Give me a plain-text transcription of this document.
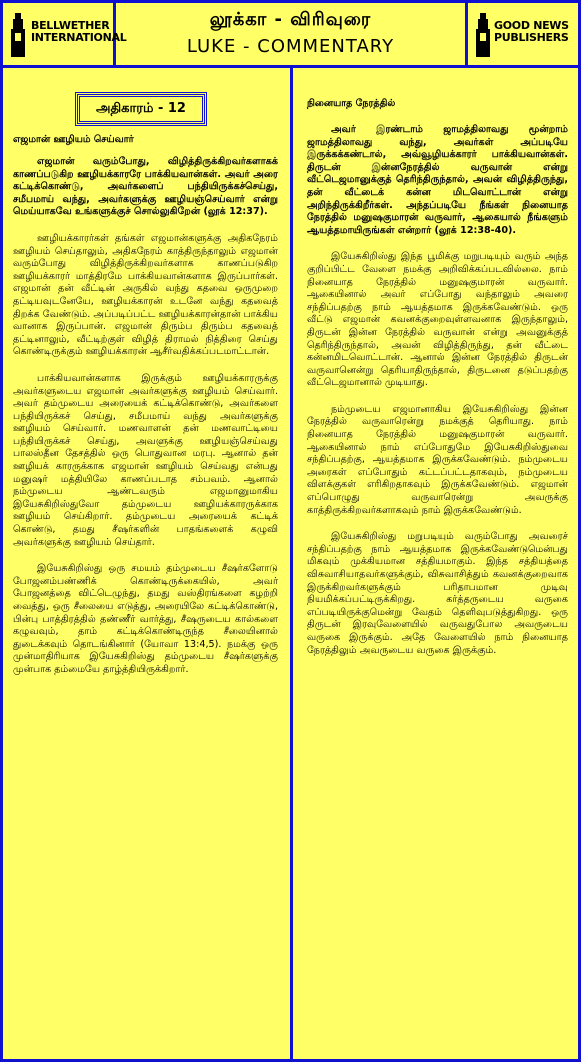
BELLWETHER INTERNATIONAL
லூக்கா - விரிவுரை
LUKE - COMMENTARY
GOOD NEWS PUBLISHERS
அதிகாரம் - 12
எஜமான் ஊழியம் செய்வார்

எஜமான் வரும்போது, விழித்திருக்கிறவர்களாகக் காணப்படுகிற ஊழியக்காரரே பாக்கியவான்கள். அவர் அரை கட்டிக்கொண்டு, அவர்களைப் பந்தியிருக்கச்செய்து, சமீபமாய் வந்து, அவர்களுக்கு ஊழியஞ்செய்வார் என்று மெய்யாகவே உங்களுக்குச் சொல்லுகிறேன் (லூக் 12:37).

ஊழியக்காரர்கள் தங்கள் எஜமான்களுக்கு அதிகநேரம் ஊழியம் செய்தாலும், அதிகநேரம் காத்திருந்தாலும் எஜமான் வரும்போது விழித்திருக்கிறவர்களாக காணப்படுகிற ஊழியக்காரர் மாத்திரமே பாக்கியவான்களாக இருப்பார்கள். எஜமான் தன் வீட்டின் அருகில் வந்து கதவை ஒருமுறை தட்டியவுடனேயே, ஊழியக்காரன் உடனே வந்து கதவைத் திறக்க வேண்டும். அப்படிப்பட்ட ஊழியக்காரன்தான் பாக்கிய வானாக இருப்பான். எஜமான் திரும்ப திரும்ப கதவைத் தட்டினாலும், வீட்டிற்குள் விழித் திராமல் நித்திரை செய்து கொண்டிருக்கும் ஊழியக்காரன் ஆசீர்வதிக்கப்படமாட்டான்.

பாக்கியவான்களாக இருக்கும் ஊழியக்காரருக்கு அவர்களுடைய எஜமான் அவர்களுக்கு ஊழியம் செய்வார். அவர் தம்முடைய அரையைக் கட்டிக்கொண்டு, அவர்களை பந்தியிருக்கச் செய்து, சமீபமாய் வந்து அவர்களுக்கு ஊழியம் செய்வார். மணவாளன் தன் மணவாட்டியை பந்தியிருக்கச் செய்து, அவளுக்கு ஊழியஞ்செய்வது பாலஸ்தீன தேசத்தில் ஒரு பொதுவான மரபு. ஆனால் தன் ஊழியக் காரருக்காக எஜமான் ஊழியம் செய்வது என்பது மனுஷர் மத்தியிலே காணப்படாத சம்பவம். ஆனால் நம்முடைய ஆண்டவரும் எஜமானுமாகிய இயேசுகிறிஸ்துவோ தம்முடைய ஊழியக்காரருக்காக ஊழியம் செய்கிறார். தம்முடைய அரையைக் கட்டிக் கொண்டு, தமது சீஷர்களின் பாதங்களைக் கழுவி அவர்களுக்கு ஊழியம் செய்தார்.

இயேசுகிறிஸ்து ஒரு சமயம் தம்முடைய சீஷர்களோடு போஜனம்பண்ணிக் கொண்டிருக்கையில், அவர் போஜனத்தை விட்டெழுந்து, தமது வஸ்திரங்களை கழற்றி வைத்து, ஒரு சீலையை எடுத்து, அரையிலே கட்டிக்கொண்டு, பின்பு பாத்திரத்தில் தண்ணீர் வார்த்து, சீஷருடைய கால்களை கழுவவும், தாம் கட்டிக்கொண்டிருந்த சீலையினால் துடைக்கவும் தொடங்கினார் (யோவா 13:4,5). நமக்கு ஒரு முன்மாதிரியாக இயேசுகிறிஸ்து தம்முடைய சீஷர்களுக்கு முன்பாக தம்மையே தாழ்த்தியிருக்கிறார்.

நினையாத நேரத்தில்

அவர் இரண்டாம் ஜாமத்திலாவது மூன்றாம் ஜாமத்திலாவது வந்து, அவர்கள் அப்படியே இருக்கக்கண்டால், அவ்வூழியக்காரர் பாக்கியவான்கள். திருடன் இன்னநேரத்தில் வருவான் என்று வீட்டெஜமானுக்குத் தெரிந்திருந்தால், அவன் விழித்திருந்து, தன் வீட்டைக் கன்ன மிடவொட்டான் என்று அறிந்திருக்கிறீர்கள். அந்தப்படியே நீங்கள் நினையாத நேரத்தில் மனுஷகுமாரன் வருவார், ஆகையால் நீங்களும் ஆயத்தமாயிருங்கள் என்றார் (லூக் 12:38-40).

இயேசுகிறிஸ்து இந்த பூமிக்கு மறுபடியும் வரும் அந்த குறிப்பிட்ட வேளை நமக்கு அறிவிக்கப்படவில்லை. நாம் நினையாத நேரத்தில் மனுஷகுமாரன் வருவார். ஆகையினால் அவர் எப்போது வந்தாலும் அவரை சந்திப்பதற்கு நாம் ஆயத்தமாக இருக்கவேண்டும். ஒரு வீட்டு எஜமான் கவனக்குறைவுள்ளவனாக இருந்தாலும், திருடன் இன்ன நேரத்தில் வருவான் என்று அவனுக்குத் தெரிந்திருந்தால், அவன் விழித்திருந்து, தன் வீட்டை கன்னமிடவொட்டான். ஆனால் இன்ன நேரத்தில் திருடன் வருவானென்று தெரியாதிருந்தால், திருடனை தடுப்பதற்கு வீட்டெஜமானால் முடியாது.

நம்முடைய எஜமானாகிய இயேசுகிறிஸ்து இன்ன நேரத்தில் வருவாரென்று நமக்குத் தெரியாது. நாம் நினையாத நேரத்தில் மனுஷகுமாரன் வருவார். ஆகையினால் நாம் எப்போதுமே இயேசுகிறிஸ்துவை சந்திப்பதற்கு, ஆயத்தமாக இருக்கவேண்டும். நம்முடைய அரைகள் எப்போதும் கட்டப்பட்டதாகவும், நம்முடைய விளக்குகள் எரிகிறதாகவும் இருக்கவேண்டும். எஜமான் எப்பொழுது வருவாரென்று அவருக்கு காத்திருக்கிறவர்களாகவும் நாம் இருக்கவேண்டும்.

இயேசுகிறிஸ்து மறுபடியும் வரும்போது அவரைச் சந்திப்பதற்கு நாம் ஆயத்தமாக இருக்கவேண்டுமென்பது மிகவும் முக்கியமான சத்தியமாகும். இந்த சத்தியத்தை விசுவாசியாதவர்களுக்கும், விசுவாசித்தும் கவனக்குறைவாக இருக்கிறவர்களுக்கும் பரிதாபமான முடிவு நியமிக்கப்பட்டிருக்கிறது. கர்த்தருடைய வருகை எப்படியிருக்குமென்று வேதம் தெளிவுபடுத்துகிறது. ஒரு திருடன் இரவுவேளையில் வருவதுபோல அவருடைய வருகை இருக்கும். அதே வேளையில் நாம் நினையாத நேரத்திலும் அவருடைய வருகை இருக்கும்.
